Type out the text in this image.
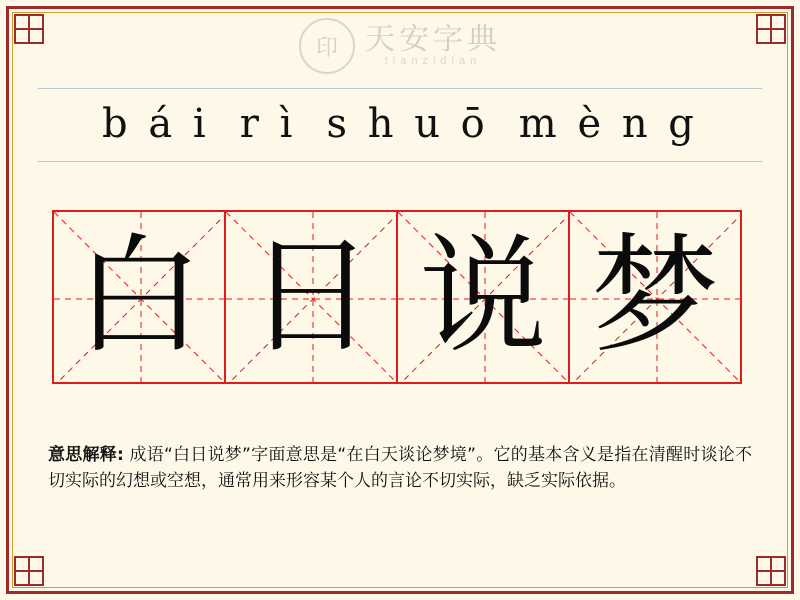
印 天安字典
tianzidian
b á i r ì s h u ō m è n g
白 日 说 梦
意思解释: 成语“白日说梦”字面意思是“在白天谈论梦境”。它的基本含义是指在清醒时谈论不切实际的幻想或空想，通常用来形容某个人的言论不切实际，缺乏实际依据。
